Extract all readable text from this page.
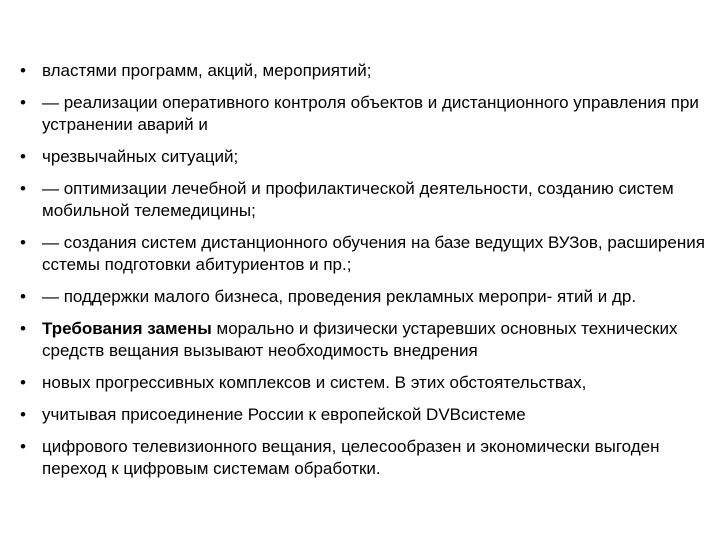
• властями программ, акций, мероприятий;
• — реализации оперативного контроля объектов и дистанционного управления при устранении аварий и
• чрезвычайных ситуаций;
• — оптимизации лечебной и профилактической деятельности, созданию систем мобильной телемедицины;
• — создания систем дистанционного обучения на базе ведущих ВУЗов, расширения сстемы подготовки абитуриентов и пр.;
• — поддержки малого бизнеса, проведения рекламных меропри- ятий и др.
• Требования замены морально и физически устаревших основных технических средств вещания вызывают необходимость внедрения
• новых прогрессивных комплексов и систем. В этих обстоятельствах,
• учитывая присоединение России к европейской DVBсистеме
• цифрового телевизионного вещания, целесообразен и экономически выгоден переход к цифровым системам обработки.
